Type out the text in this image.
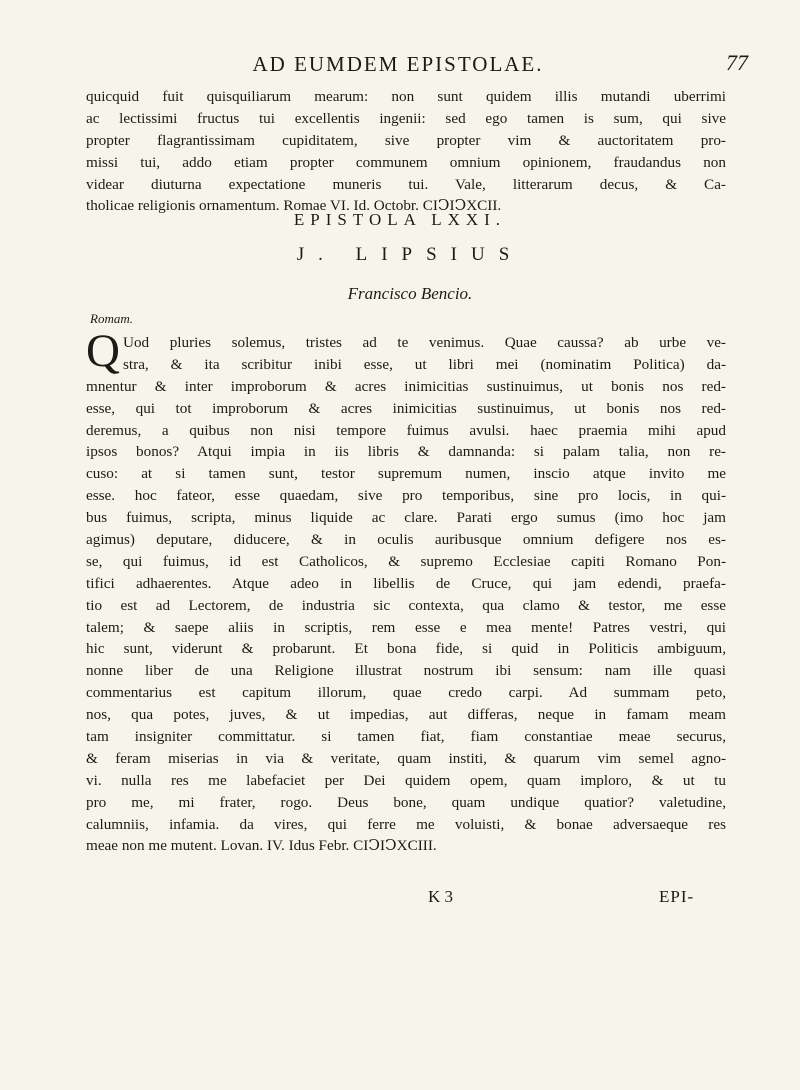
AD EUMDEM EPISTOLAE.	77
quicquid fuit quisquiliarum mearum: non sunt quidem illis mutandi uberrimi
ac lectissimi fructus tui excellentis ingenii: sed ego tamen is sum, qui sive
propter flagrantissimam cupiditatem, sive propter vim & auctoritatem pro-
missi tui, addo etiam propter communem omnium opinionem, fraudandus non
videar diuturna expectatione muneris tui. Vale, litterarum decus, & Ca-
tholicae religionis ornamentum. Romae VI. Id. Octobr. CIↃIↃXCII.
EPISTOLA LXXI.
J. LIPSIUS
Francisco Bencio.
Romam.
Q Uod pluries solemus, tristes ad te venimus. Quae caussa? ab urbe ve-
stra, & ita scribitur inibi esse, ut libri mei (nominatim Politica) da-
mnentur & inter improborum & acres inimicitias sustinuimus, ut bonis nos red-
esse, qui tot improborum & acres inimicitias sustinuimus, ut bonis nos red-
deremus, a quibus non nisi tempore fuimus avulsi. haec praemia mihi apud
ipsos bonos? Atqui impia in iis libris & damnanda: si palam talia, non re-
cuso: at si tamen sunt, testor supremum numen, inscio atque invito me
esse. hoc fateor, esse quaedam, sive pro temporibus, sine pro locis, in qui-
bus fuimus, scripta, minus liquide ac clare. Parati ergo sumus (imo hoc jam
agimus) deputare, diducere, & in oculis auribusque omnium defigere nos es-
se, qui fuimus, id est Catholicos, & supremo Ecclesiae capiti Romano Pon-
tifici adhaerentes. Atque adeo in libellis de Cruce, qui jam edendi, praefa-
tio est ad Lectorem, de industria sic contexta, qua clamo & testor, me esse
talem; & saepe aliis in scriptis, rem esse e mea mente! Patres vestri, qui
hic sunt, viderunt & probarunt. Et bona fide, si quid in Politicis ambiguum,
nonne liber de una Religione illustrat nostrum ibi sensum: nam ille quasi
commentarius est capitum illorum, quae credo carpi. Ad summam peto,
nos, qua potes, juves, & ut impedias, aut differas, neque in famam meam
tam insigniter committatur. si tamen fiat, fiam constantiae meae securus,
& feram miserias in via & veritate, quam institi, & quarum vim semel agno-
vi. nulla res me labefaciet per Dei quidem opem, quam imploro, & ut tu
pro me, mi frater, rogo. Deus bone, quam undique quatior? valetudine,
calumniis, infamia. da vires, qui ferre me voluisti, & bonae adversaeque res
meae non me mutent. Lovan. IV. Idus Febr. CIↃIↃXCIII.
K 3	EPI-
